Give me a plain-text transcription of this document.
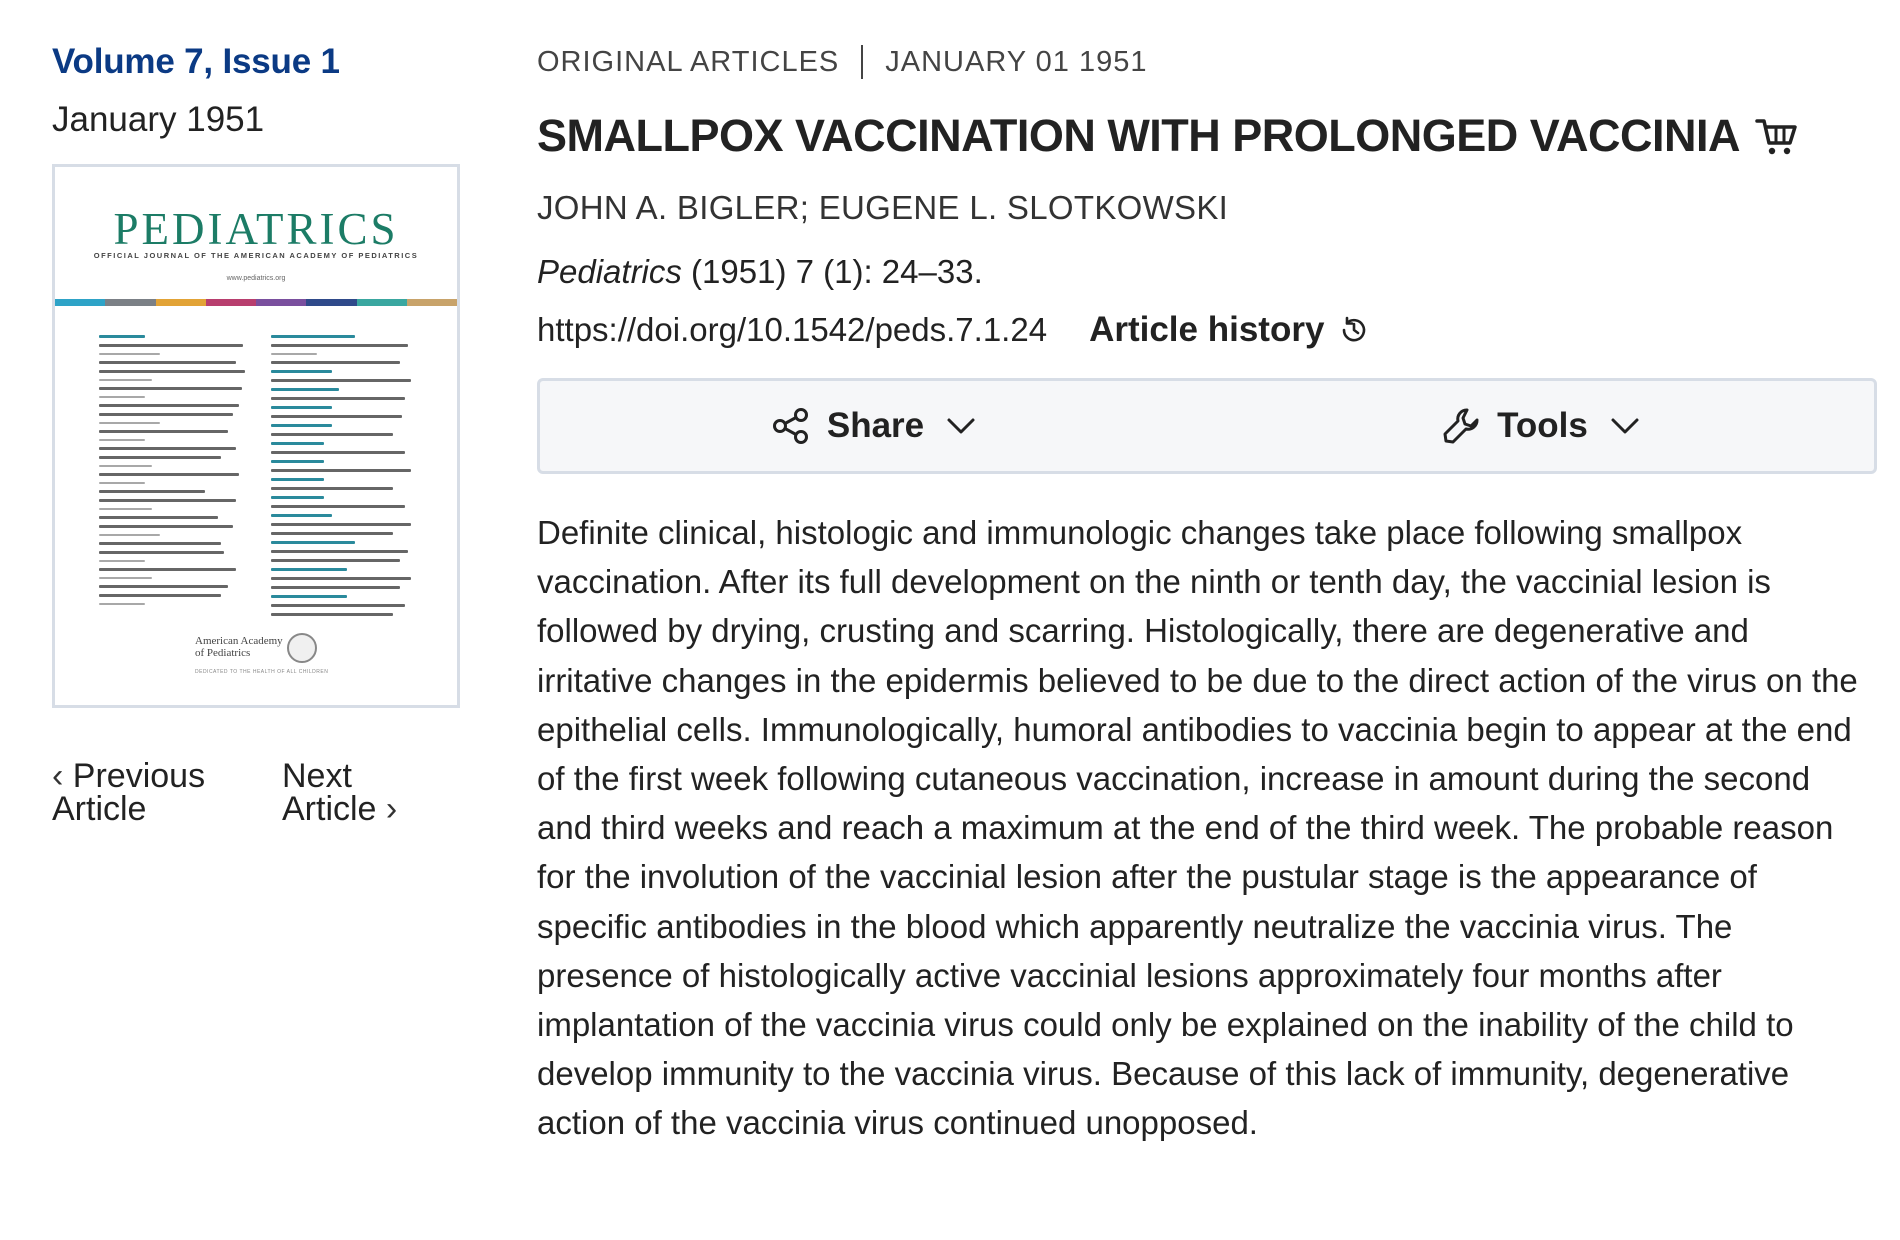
Volume 7, Issue 1
January 1951
PEDIATRICS
OFFICIAL JOURNAL OF THE AMERICAN ACADEMY OF PEDIATRICS
www.pediatrics.org
American Academy
of Pediatrics
DEDICATED TO THE HEALTH OF ALL CHILDREN
‹ Previous
Article
Next
Article ›
ORIGINAL ARTICLES JANUARY 01 1951
SMALLPOX VACCINATION WITH PROLONGED VACCINIA
JOHN A. BIGLER; EUGENE L. SLOTKOWSKI
Pediatrics (1951) 7 (1): 24–33.
https://doi.org/10.1542/peds.7.1.24 Article history
Share	Tools

Definite clinical, histologic and immunologic changes take place following smallpox vaccination. After its full development on the ninth or tenth day, the vaccinial lesion is followed by drying, crusting and scarring. Histologically, there are degenerative and irritative changes in the epidermis believed to be due to the direct action of the virus on the epithelial cells. Immunologically, humoral antibodies to vaccinia begin to appear at the end of the first week following cutaneous vaccination, increase in amount during the second and third weeks and reach a maximum at the end of the third week. The probable reason for the involution of the vaccinial lesion after the pustular stage is the appearance of specific antibodies in the blood which apparently neutralize the vaccinia virus. The presence of histologically active vaccinial lesions approximately four months after implantation of the vaccinia virus could only be explained on the inability of the child to develop immunity to the vaccinia virus. Because of this lack of immunity, degenerative action of the vaccinia virus continued unopposed.
